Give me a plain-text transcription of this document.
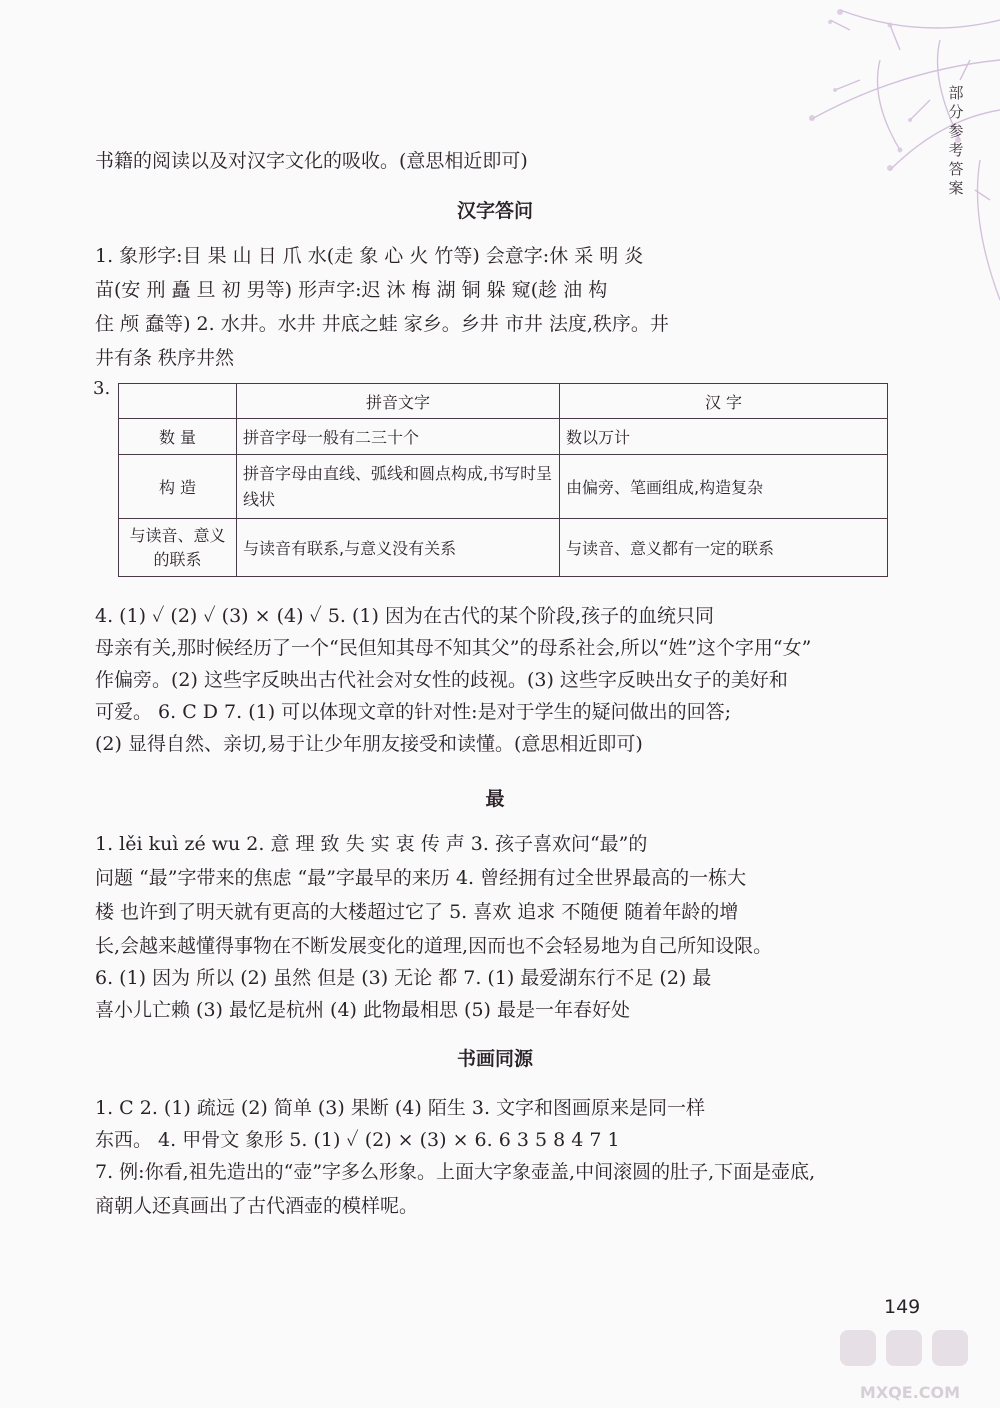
部分参考答案
书籍的阅读以及对汉字文化的吸收。(意思相近即可)
汉字答问
1. 象形字:目 果 山 日 爪 水(走 象 心 火 竹等) 会意字:休 采 明 炎
苗(安 刑 矗 旦 初 男等) 形声字:迟 沐 梅 湖 铜 躲 窥(趁 油 构
住 颅 蠢等) 2. 水井。水井 井底之蛙 家乡。乡井 市井 法度,秩序。井
井有条 秩序井然
3.
	拼音文字	汉 字
数 量	拼音字母一般有二三十个	数以万计
构 造	拼音字母由直线、弧线和圆点构成,书写时呈线状	由偏旁、笔画组成,构造复杂
与读音、意义的联系	与读音有联系,与意义没有关系	与读音、意义都有一定的联系
4. (1) ✓ (2) ✓ (3) × (4) ✓ 5. (1) 因为在古代的某个阶段,孩子的血统只同
母亲有关,那时候经历了一个“民但知其母不知其父”的母系社会,所以“姓”这个字用“女”
作偏旁。(2) 这些字反映出古代社会对女性的歧视。(3) 这些字反映出女子的美好和
可爱。 6. C D 7. (1) 可以体现文章的针对性:是对于学生的疑问做出的回答;
(2) 显得自然、亲切,易于让少年朋友接受和读懂。(意思相近即可)
最
1. lěi kuì zé wu 2. 意 理 致 失 实 衷 传 声 3. 孩子喜欢问“最”的
问题 “最”字带来的焦虑 “最”字最早的来历 4. 曾经拥有过全世界最高的一栋大
楼 也许到了明天就有更高的大楼超过它了 5. 喜欢 追求 不随便 随着年龄的增
长,会越来越懂得事物在不断发展变化的道理,因而也不会轻易地为自己所知设限。
6. (1) 因为 所以 (2) 虽然 但是 (3) 无论 都 7. (1) 最爱湖东行不足 (2) 最
喜小儿亡赖 (3) 最忆是杭州 (4) 此物最相思 (5) 最是一年春好处
书画同源
1. C 2. (1) 疏远 (2) 简单 (3) 果断 (4) 陌生 3. 文字和图画原来是同一样
东西。 4. 甲骨文 象形 5. (1) ✓ (2) × (3) × 6. 6 3 5 8 4 7 1
7. 例:你看,祖先造出的“壶”字多么形象。上面大字象壶盖,中间滚圆的肚子,下面是壶底,
商朝人还真画出了古代酒壶的模样呢。
149
MXQE.COM
